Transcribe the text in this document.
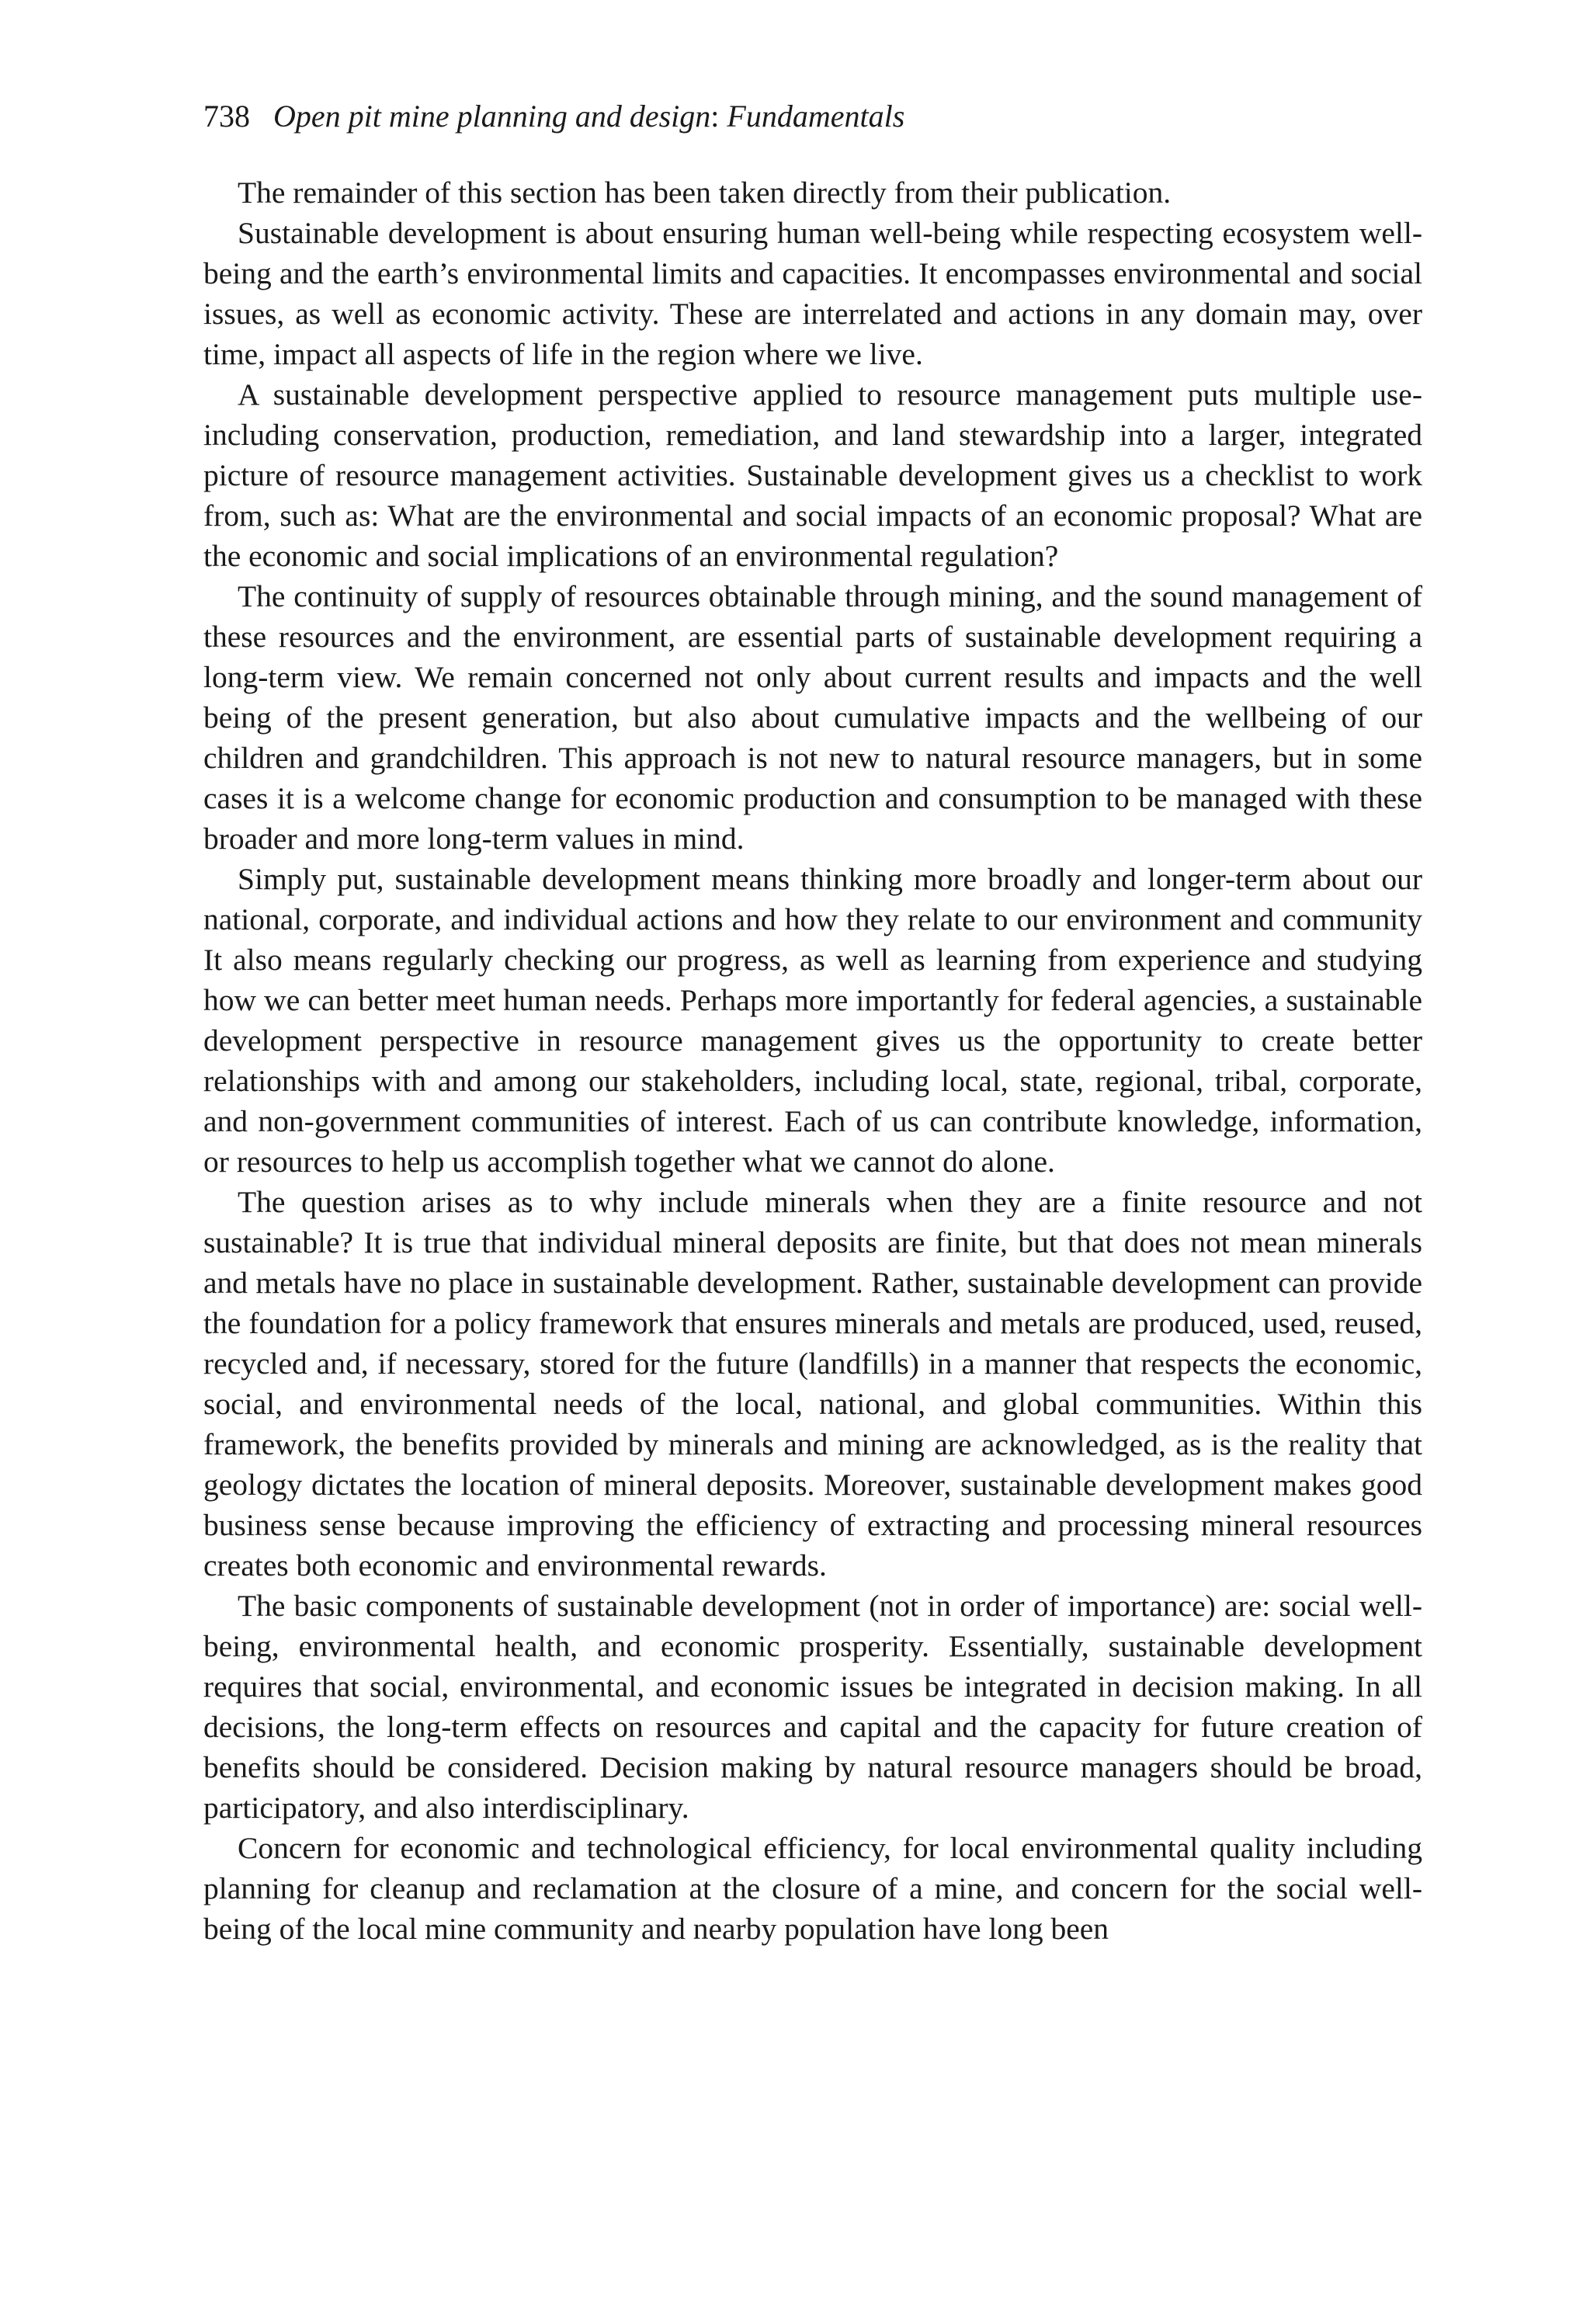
738 Open pit mine planning and design: Fundamentals

The remainder of this section has been taken directly from their publication.

Sustainable development is about ensuring human well-being while respecting ecosystem well-being and the earth’s environmental limits and capacities. It encompasses environmental and social issues, as well as economic activity. These are interrelated and actions in any domain may, over time, impact all aspects of life in the region where we live.

A sustainable development perspective applied to resource management puts multiple use-including conservation, production, remediation, and land stewardship into a larger, integrated picture of resource management activities. Sustainable development gives us a checklist to work from, such as: What are the environmental and social impacts of an economic proposal? What are the economic and social implications of an environmental regulation?

The continuity of supply of resources obtainable through mining, and the sound management of these resources and the environment, are essential parts of sustainable development requiring a long-term view. We remain concerned not only about current results and impacts and the well being of the present generation, but also about cumulative impacts and the wellbeing of our children and grandchildren. This approach is not new to natural resource managers, but in some cases it is a welcome change for economic production and consumption to be managed with these broader and more long-term values in mind.

Simply put, sustainable development means thinking more broadly and longer-term about our national, corporate, and individual actions and how they relate to our environment and community It also means regularly checking our progress, as well as learning from experience and studying how we can better meet human needs. Perhaps more importantly for federal agencies, a sustainable development perspective in resource management gives us the opportunity to create better relationships with and among our stakeholders, including local, state, regional, tribal, corporate, and non-government communities of interest. Each of us can contribute knowledge, information, or resources to help us accomplish together what we cannot do alone.

The question arises as to why include minerals when they are a finite resource and not sustainable? It is true that individual mineral deposits are finite, but that does not mean minerals and metals have no place in sustainable development. Rather, sustainable development can provide the foundation for a policy framework that ensures minerals and metals are produced, used, reused, recycled and, if necessary, stored for the future (landfills) in a manner that respects the economic, social, and environmental needs of the local, national, and global communities. Within this framework, the benefits provided by minerals and mining are acknowledged, as is the reality that geology dictates the location of mineral deposits. Moreover, sustainable development makes good business sense because improving the efficiency of extracting and processing mineral resources creates both economic and environmental rewards.

The basic components of sustainable development (not in order of importance) are: social well-being, environmental health, and economic prosperity. Essentially, sustainable development requires that social, environmental, and economic issues be integrated in decision making. In all decisions, the long-term effects on resources and capital and the capacity for future creation of benefits should be considered. Decision making by natural resource managers should be broad, participatory, and also interdisciplinary.

Concern for economic and technological efficiency, for local environmental quality including planning for cleanup and reclamation at the closure of a mine, and concern for the social well-being of the local mine community and nearby population have long been
